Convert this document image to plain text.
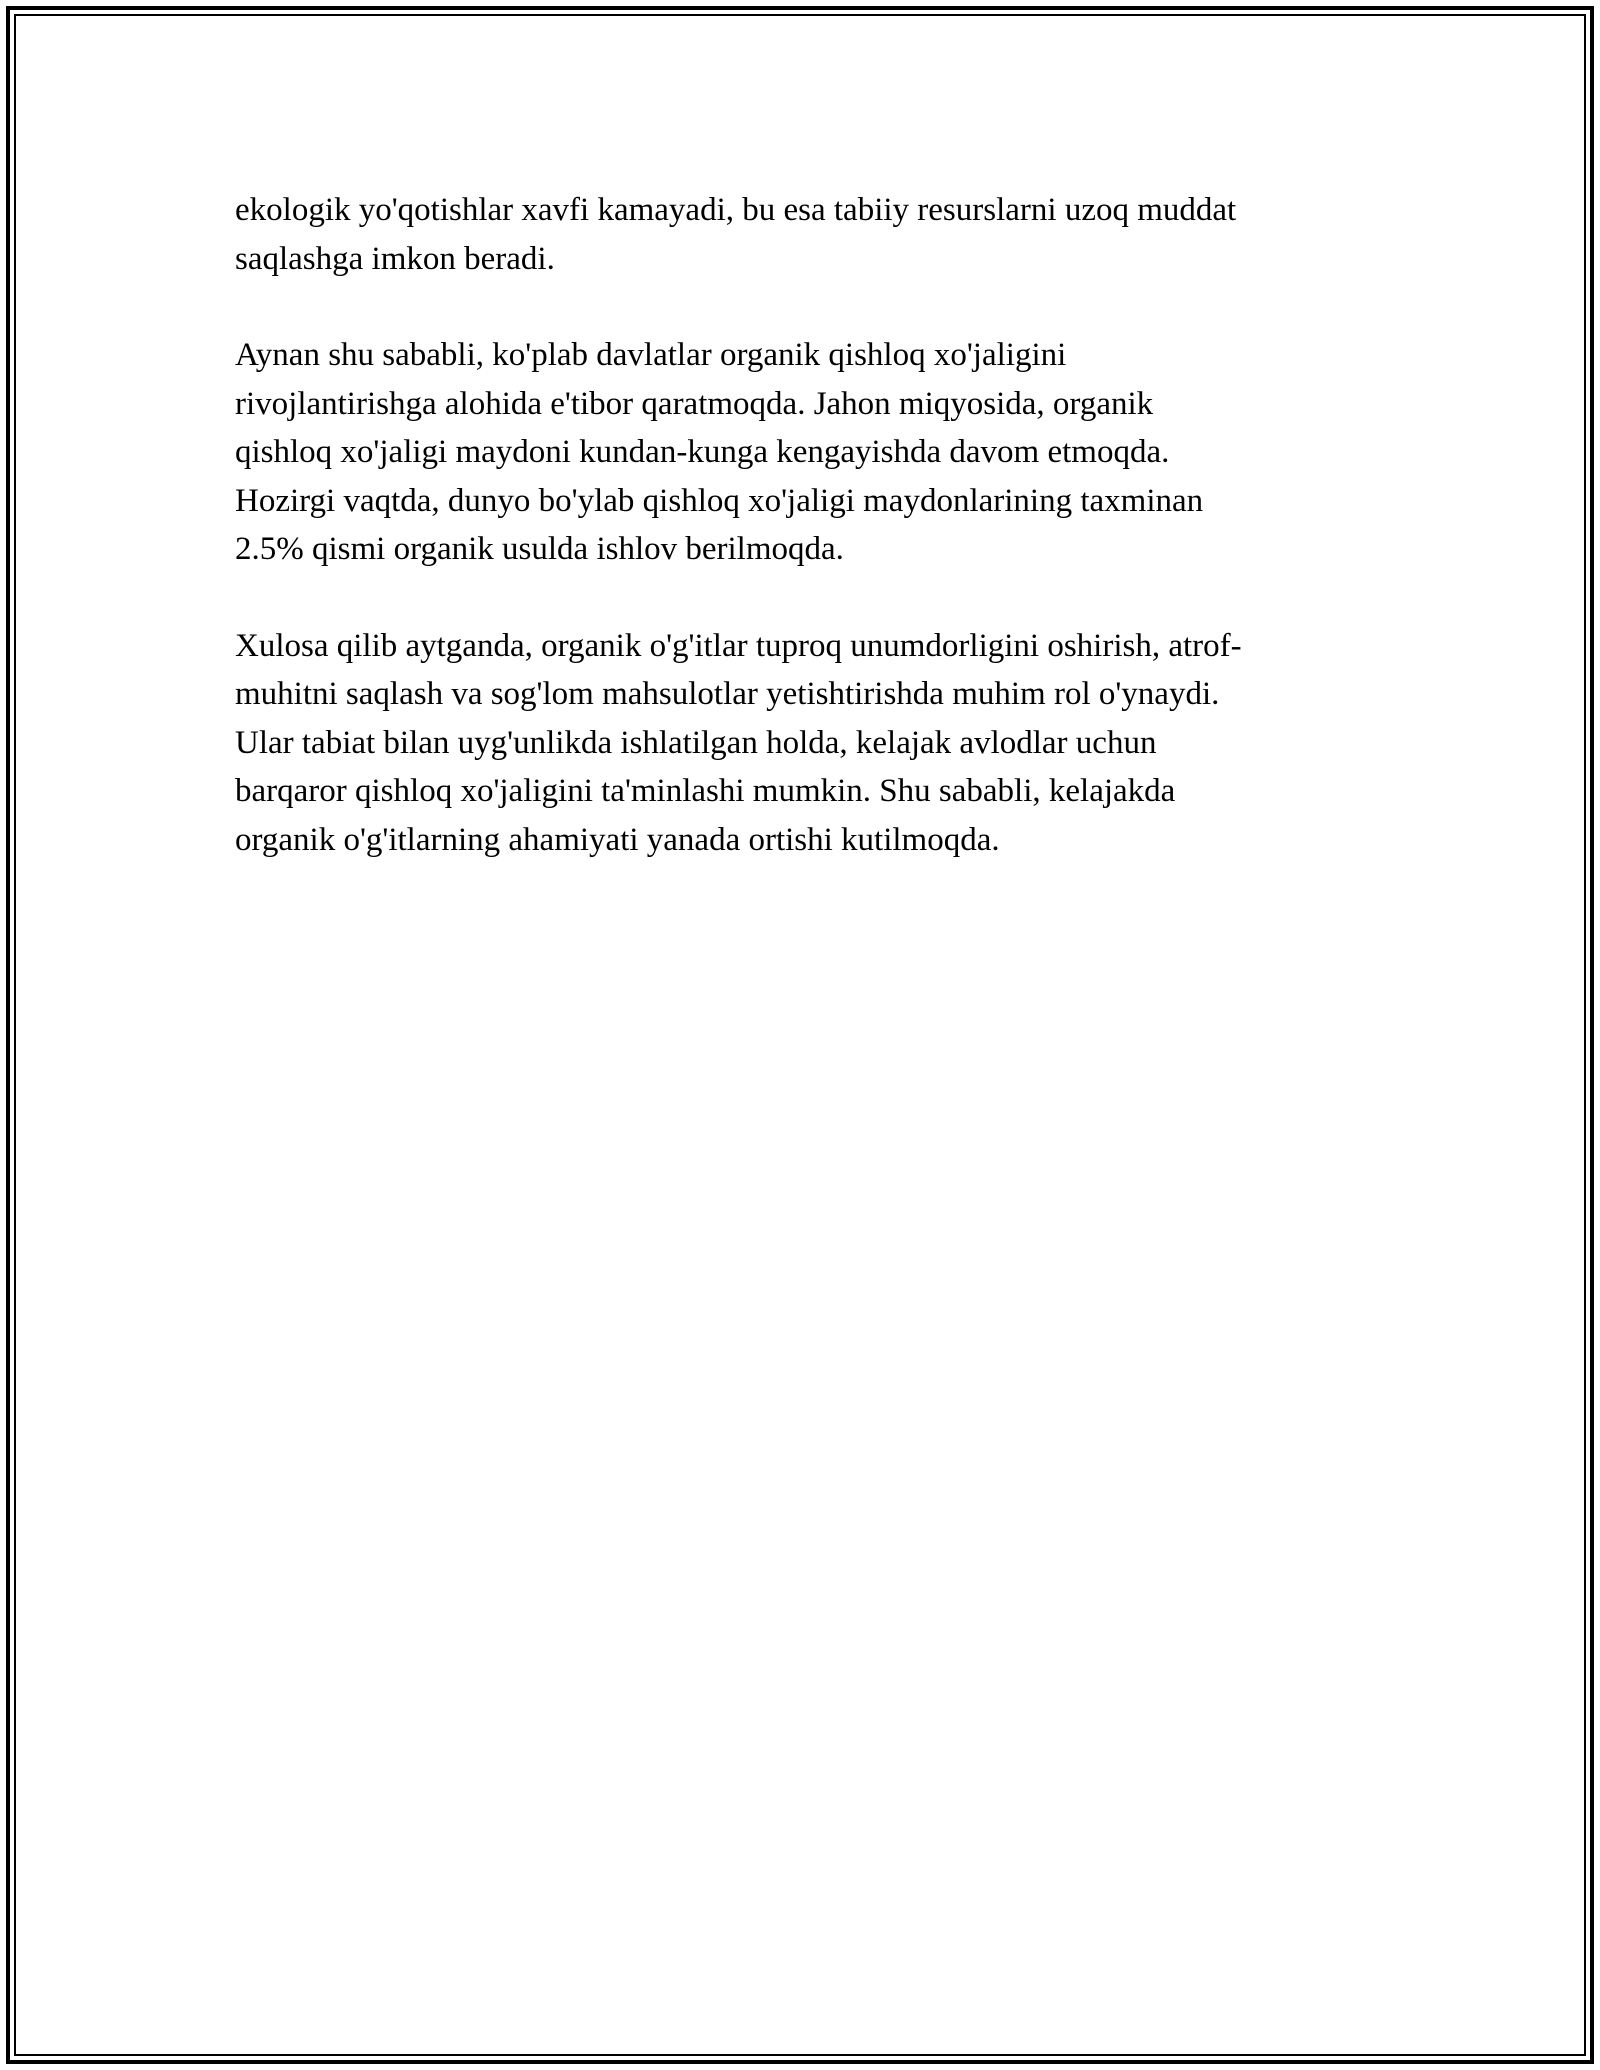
ekologik yo'qotishlar xavfi kamayadi, bu esa tabiiy resurslarni uzoq muddat
saqlashga imkon beradi.

Aynan shu sababli, ko'plab davlatlar organik qishloq xo'jaligini
rivojlantirishga alohida e'tibor qaratmoqda. Jahon miqyosida, organik
qishloq xo'jaligi maydoni kundan-kunga kengayishda davom etmoqda.
Hozirgi vaqtda, dunyo bo'ylab qishloq xo'jaligi maydonlarining taxminan
2.5% qismi organik usulda ishlov berilmoqda.

Xulosa qilib aytganda, organik o'g'itlar tuproq unumdorligini oshirish, atrof-
muhitni saqlash va sog'lom mahsulotlar yetishtirishda muhim rol o'ynaydi.
Ular tabiat bilan uyg'unlikda ishlatilgan holda, kelajak avlodlar uchun
barqaror qishloq xo'jaligini ta'minlashi mumkin. Shu sababli, kelajakda
organik o'g'itlarning ahamiyati yanada ortishi kutilmoqda.
